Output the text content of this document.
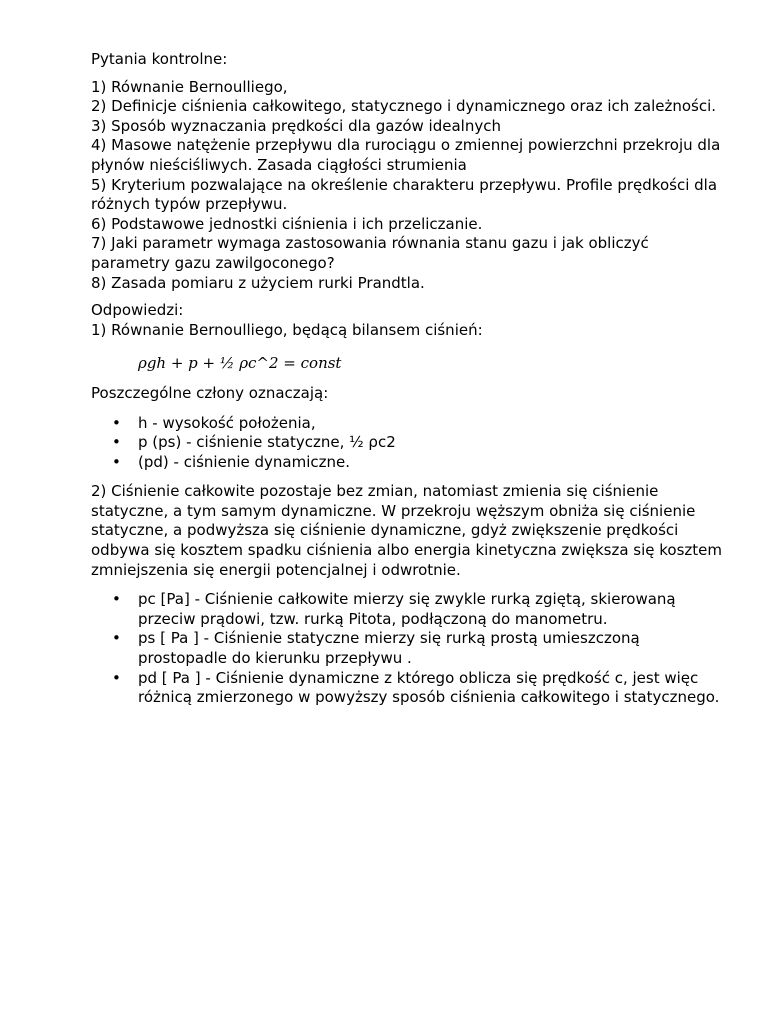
Pytania kontrolne:

1) Równanie Bernoulliego,

2) Definicje ciśnienia całkowitego, statycznego i dynamicznego oraz ich zależności.

3) Sposób wyznaczania prędkości dla gazów idealnych

4) Masowe natężenie przepływu dla rurociągu o zmiennej powierzchni przekroju dla płynów nieściśliwych. Zasada ciągłości strumienia

5) Kryterium pozwalające na określenie charakteru przepływu. Profile prędkości dla różnych typów przepływu.

6) Podstawowe jednostki ciśnienia i ich przeliczanie.

7) Jaki parametr wymaga zastosowania równania stanu gazu i jak obliczyć parametry gazu zawilgoconego?

8) Zasada pomiaru z użyciem rurki Prandtla.

Odpowiedzi:

1) Równanie Bernoulliego, będącą bilansem ciśnień:

ρgh + p + ½ ρc^2 = const

Poszczególne człony oznaczają:

• h - wysokość położenia,
• p (ps) - ciśnienie statyczne, ½ ρc2
• (pd) - ciśnienie dynamiczne.

2) Ciśnienie całkowite pozostaje bez zmian, natomiast zmienia się ciśnienie statyczne, a tym samym dynamiczne. W przekroju węższym obniża się ciśnienie statyczne, a podwyższa się ciśnienie dynamiczne, gdyż zwiększenie prędkości odbywa się kosztem spadku ciśnienia albo energia kinetyczna zwiększa się kosztem zmniejszenia się energii potencjalnej i odwrotnie.

• pc [Pa] - Ciśnienie całkowite mierzy się zwykle rurką zgiętą, skierowaną przeciw prądowi, tzw. rurką Pitota, podłączoną do manometru.
• ps [ Pa ] - Ciśnienie statyczne mierzy się rurką prostą umieszczoną prostopadle do kierunku przepływu .
• pd [ Pa ] - Ciśnienie dynamiczne z którego oblicza się prędkość c, jest więc różnicą zmierzonego w powyższy sposób ciśnienia całkowitego i statycznego.
